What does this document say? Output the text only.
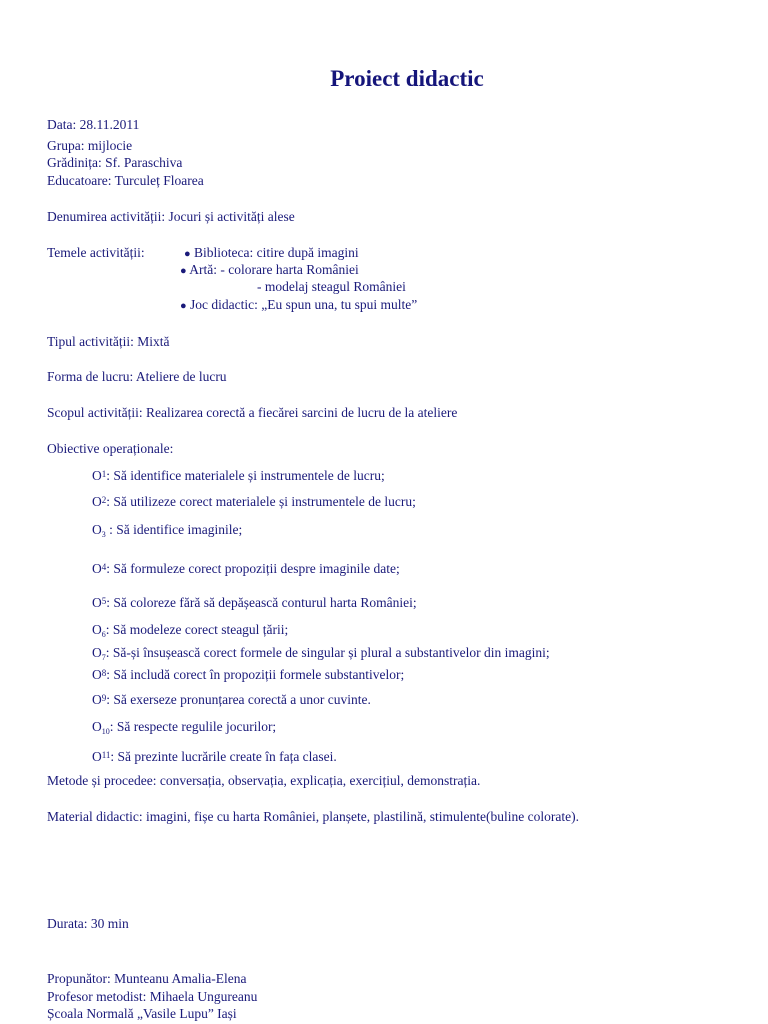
Proiect didactic
Data: 28.11.2011
Grupa: mijlocie
Grădinița: Sf. Paraschiva
Educatoare: Turculeț Floarea
Denumirea activității: Jocuri și activități alese
Temele activității:	● Biblioteca: citire după imagini
● Artă: - colorare harta României
- modelaj steagul României
● Joc didactic: „Eu spun una, tu spui multe”
Tipul activității: Mixtă
Forma de lucru: Ateliere de lucru
Scopul activității: Realizarea corectă a fiecărei sarcini de lucru de la ateliere
Obiective operaționale:
$O^1$: Să identifice materialele și instrumentele de lucru;
$O^2$: Să utilizeze corect materialele și instrumentele de lucru;
$O_3$ : Să identifice imaginile;
$O^4$: Să formuleze corect propoziții despre imaginile date;
$O^5$: Să coloreze fără să depășească conturul harta României;
$O_6$: Să modeleze corect steagul țării;
$O_7$: Să-și însușească corect formele de singular și plural a substantivelor din imagini;
$O^8$: Să includă corect în propoziții formele substantivelor;
$O^9$: Să exerseze pronunțarea corectă a unor cuvinte.
$O_{10}$: Să respecte regulile jocurilor;
$O^{11}$: Să prezinte lucrările create în fața clasei.
Metode și procedee: conversația, observația, explicația, exercițiul, demonstrația.
Material didactic: imagini, fișe cu harta României, planșete, plastilină, stimulente(buline colorate).
Durata: 30 min
Propunător: Munteanu Amalia-Elena
Profesor metodist: Mihaela Ungureanu
Școala Normală „Vasile Lupu” Iași
